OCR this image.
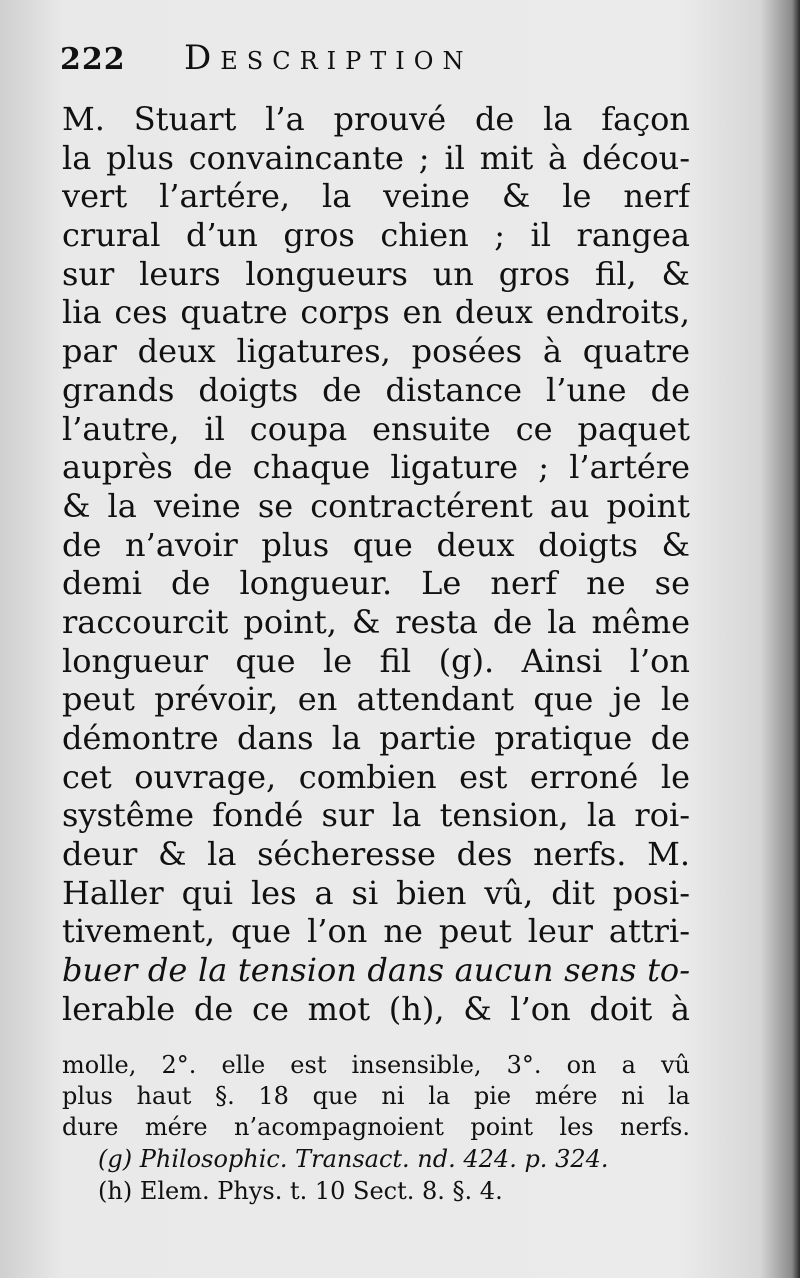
222 Description
M. Stuart l’a prouvé de la façon
la plus convaincante ; il mit à décou-
vert l’artére, la veine & le nerf
crural d’un gros chien ; il rangea
sur leurs longueurs un gros fil, &
lia ces quatre corps en deux endroits,
par deux ligatures, posées à quatre
grands doigts de distance l’une de
l’autre, il coupa ensuite ce paquet
auprès de chaque ligature ; l’artére
& la veine se contractérent au point
de n’avoir plus que deux doigts &
demi de longueur. Le nerf ne se
raccourcit point, & resta de la même
longueur que le fil (g). Ainsi l’on
peut prévoir, en attendant que je le
démontre dans la partie pratique de
cet ouvrage, combien est erroné le
systême fondé sur la tension, la roi-
deur & la sécheresse des nerfs. M.
Haller qui les a si bien vû, dit posi-
tivement, que l’on ne peut leur attri-
buer de la tension dans aucun sens to-
lerable de ce mot (h), & l’on doit à
molle, 2°. elle est insensible, 3°. on a vû
plus haut §. 18 que ni la pie mére ni la
dure mére n’acompagnoient point les nerfs.
(g) Philosophic. Transact. nd. 424. p. 324.
(h) Elem. Phys. t. 10 Sect. 8. §. 4.
